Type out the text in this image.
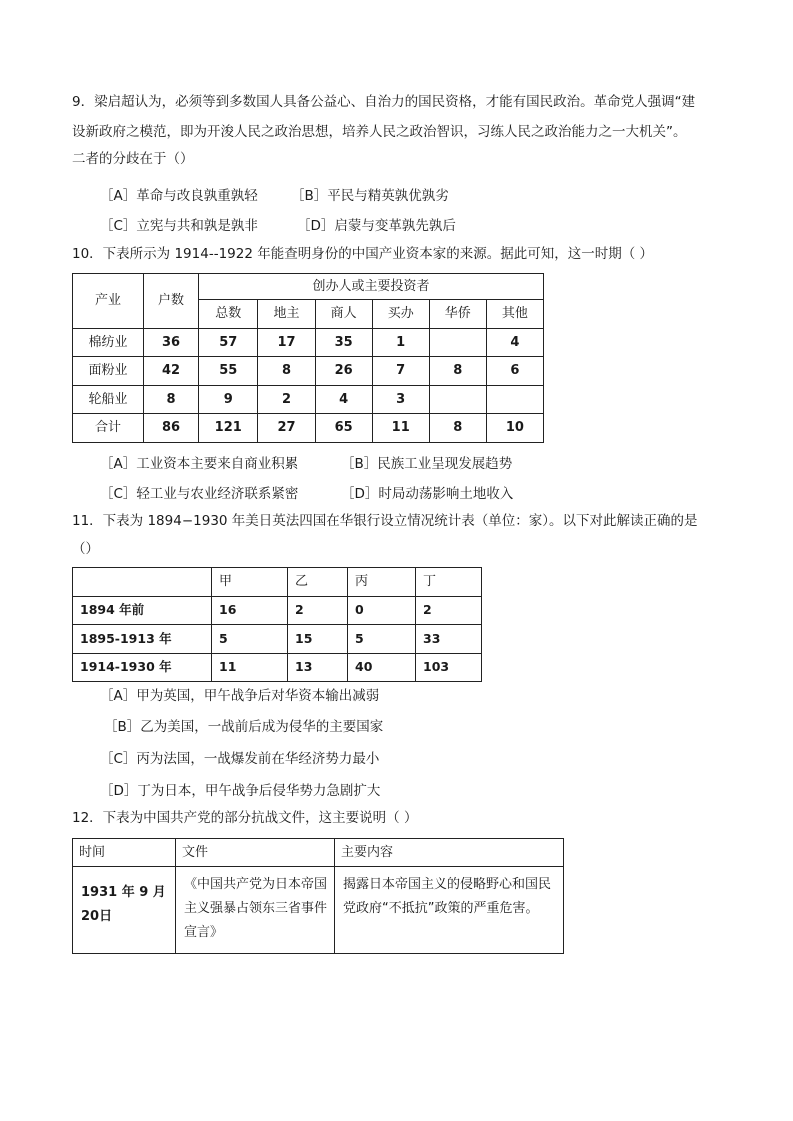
9．梁启超认为，必须等到多数国人具备公益心、自治力的国民资格，才能有国民政治。革命党人强调“建
设新政府之模范，即为开浚人民之政治思想，培养人民之政治智识，习练人民之政治能力之一大机关”。
二者的分歧在于（）
［A］革命与改良孰重孰轻 ［B］平民与精英孰优孰劣
［C］立宪与共和孰是孰非	［D］启蒙与变革孰先孰后
10．下表所示为 1914--1922 年能查明身份的中国产业资本家的来源。据此可知，这一时期（ ）
产业	户数	创办人或主要投资者					
		总数	地主	商人	买办	华侨	其他
棉纺业	36	57	17	35	1		4
面粉业	42	55	8	26	7	8	6
轮船业	8	9	2	4	3		
合计	86	121	27	65	11	8	10
［A］工业资本主要来自商业积累	［B］民族工业呈现发展趋势
［C］轻工业与农业经济联系紧密	［D］时局动荡影响土地收入
11．下表为 1894−1930 年美日英法四国在华银行设立情况统计表（单位：家）。以下对此解读正确的是
（）
	甲	乙	丙	丁
1894 年前	16	2	0	2
1895-1913 年	5	15	5	33
1914-1930 年	11	13	40	103
［A］甲为英国，甲午战争后对华资本输出减弱
［B］乙为美国，一战前后成为侵华的主要国家
［C］丙为法国，一战爆发前在华经济势力最小
［D］丁为日本，甲午战争后侵华势力急剧扩大
12．下表为中国共产党的部分抗战文件，这主要说明（ ）
时间	文件	主要内容

1931 年 9 月 20日	《中国共产党为日本帝国主义强暴占领东三省事件宣言》	揭露日本帝国主义的侵略野心和国民党政府“不抵抗”政策的严重危害。
